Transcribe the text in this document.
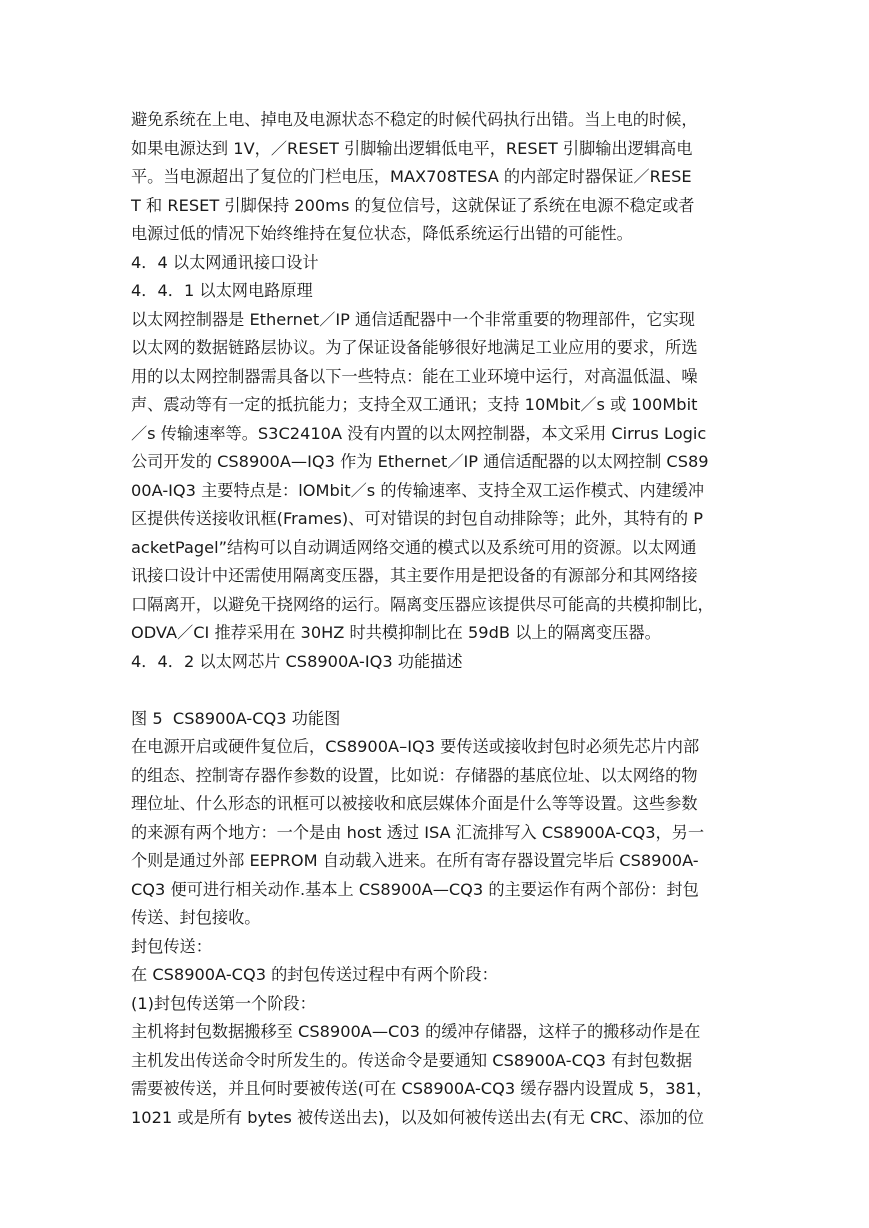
避免系统在上电、掉电及电源状态不稳定的时候代码执行出错。当上电的时候，
如果电源达到 1V，／RESET 引脚输出逻辑低电平，RESET 引脚输出逻辑高电
平。当电源超出了复位的门栏电压，MAX708TESA 的内部定时器保证／RESE
T 和 RESET 引脚保持 200ms 的复位信号，这就保证了系统在电源不稳定或者
电源过低的情况下始终维持在复位状态，降低系统运行出错的可能性。
4．4 以太网通讯接口设计
4．4．1 以太网电路原理
以太网控制器是 Ethernet／IP 通信适配器中一个非常重要的物理部件，它实现
以太网的数据链路层协议。为了保证设备能够很好地满足工业应用的要求，所选
用的以太网控制器需具备以下一些特点：能在工业环境中运行，对高温低温、噪
声、震动等有一定的抵抗能力；支持全双工通讯；支持 10Mbit／s 或 100Mbit
／s 传输速率等。S3C2410A 没有内置的以太网控制器，本文采用 Cirrus Logic
公司开发的 CS8900A—IQ3 作为 Ethernet／IP 通信适配器的以太网控制 CS89
00A-IQ3 主要特点是：lOMbit／s 的传输速率、支持全双工运作模式、内建缓冲
区提供传送接收讯框(Frames)、可对错误的封包自动排除等；此外，其特有的 P
acketPagel”结构可以自动调适网络交通的模式以及系统可用的资源。以太网通
讯接口设计中还需使用隔离变压器，其主要作用是把设备的有源部分和其网络接
口隔离开，以避免干挠网络的运行。隔离变压器应该提供尽可能高的共模抑制比，
ODVA／CI 推荐采用在 30HZ 时共模抑制比在 59dB 以上的隔离变压器。
4．4．2 以太网芯片 CS8900A-IQ3 功能描述
图 5  CS8900A-CQ3 功能图
在电源开启或硬件复位后，CS8900A–IQ3 要传送或接收封包时必须先芯片内部
的组态、控制寄存器作参数的设置，比如说：存储器的基底位址、以太网络的物
理位址、什么形态的讯框可以被接收和底层媒体介面是什么等等设置。这些参数
的来源有两个地方：一个是由 host 透过 ISA 汇流排写入 CS8900A-CQ3，另一
个则是通过外部 EEPROM 自动载入进来。在所有寄存器设置完毕后 CS8900A-
CQ3 便可进行相关动作.基本上 CS8900A—CQ3 的主要运作有两个部份：封包
传送、封包接收。
封包传送：
在 CS8900A-CQ3 的封包传送过程中有两个阶段：
(1)封包传送第一个阶段：
主机将封包数据搬移至 CS8900A—C03 的缓冲存储器，这样子的搬移动作是在
主机发出传送命令时所发生的。传送命令是要通知 CS8900A-CQ3 有封包数据
需要被传送，并且何时要被传送(可在 CS8900A-CQ3 缓存器内设置成 5，381，
1021 或是所有 bytes 被传送出去)，以及如何被传送出去(有无 CRC、添加的位
